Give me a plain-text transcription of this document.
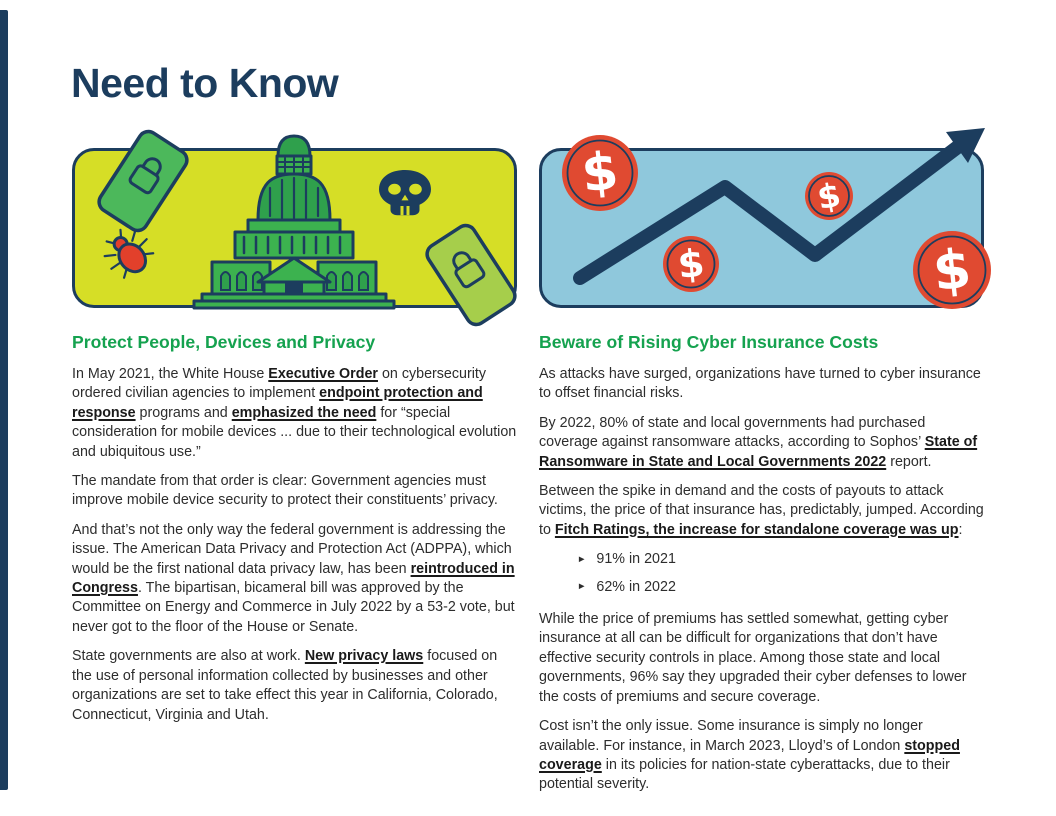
Need to Know
$
$
$
$
Protect People, Devices and Privacy

In May 2021, the White House Executive Order on cybersecurity ordered civilian agencies to implement endpoint protection and response programs and emphasized the need for “special consideration for mobile devices ... due to their technological evolution and ubiquitous use.”

The mandate from that order is clear: Government agencies must improve mobile device security to protect their constituents’ privacy.

And that’s not the only way the federal government is addressing the issue. The American Data Privacy and Protection Act (ADPPA), which would be the first national data privacy law, has been reintroduced in Congress. The bipartisan, bicameral bill was approved by the Committee on Energy and Commerce in July 2022 by a 53-2 vote, but never got to the floor of the House or Senate.

State governments are also at work. New privacy laws focused on the use of personal information collected by businesses and other organizations are set to take effect this year in California, Colorado, Connecticut, Virginia and Utah.

Beware of Rising Cyber Insurance Costs

As attacks have surged, organizations have turned to cyber insurance to offset financial risks.

By 2022, 80% of state and local governments had purchased coverage against ransomware attacks, according to Sophos’ State of Ransomware in State and Local Governments 2022 report.

Between the spike in demand and the costs of payouts to attack victims, the price of that insurance has, predictably, jumped. According to Fitch Ratings, the increase for standalone coverage was up:

► 91% in 2021
► 62% in 2022

While the price of premiums has settled somewhat, getting cyber insurance at all can be difficult for organizations that don’t have effective security controls in place. Among those state and local governments, 96% say they upgraded their cyber defenses to lower the costs of premiums and secure coverage.

Cost isn’t the only issue. Some insurance is simply no longer available. For instance, in March 2023, Lloyd’s of London stopped coverage in its policies for nation-state cyberattacks, due to their potential severity.
